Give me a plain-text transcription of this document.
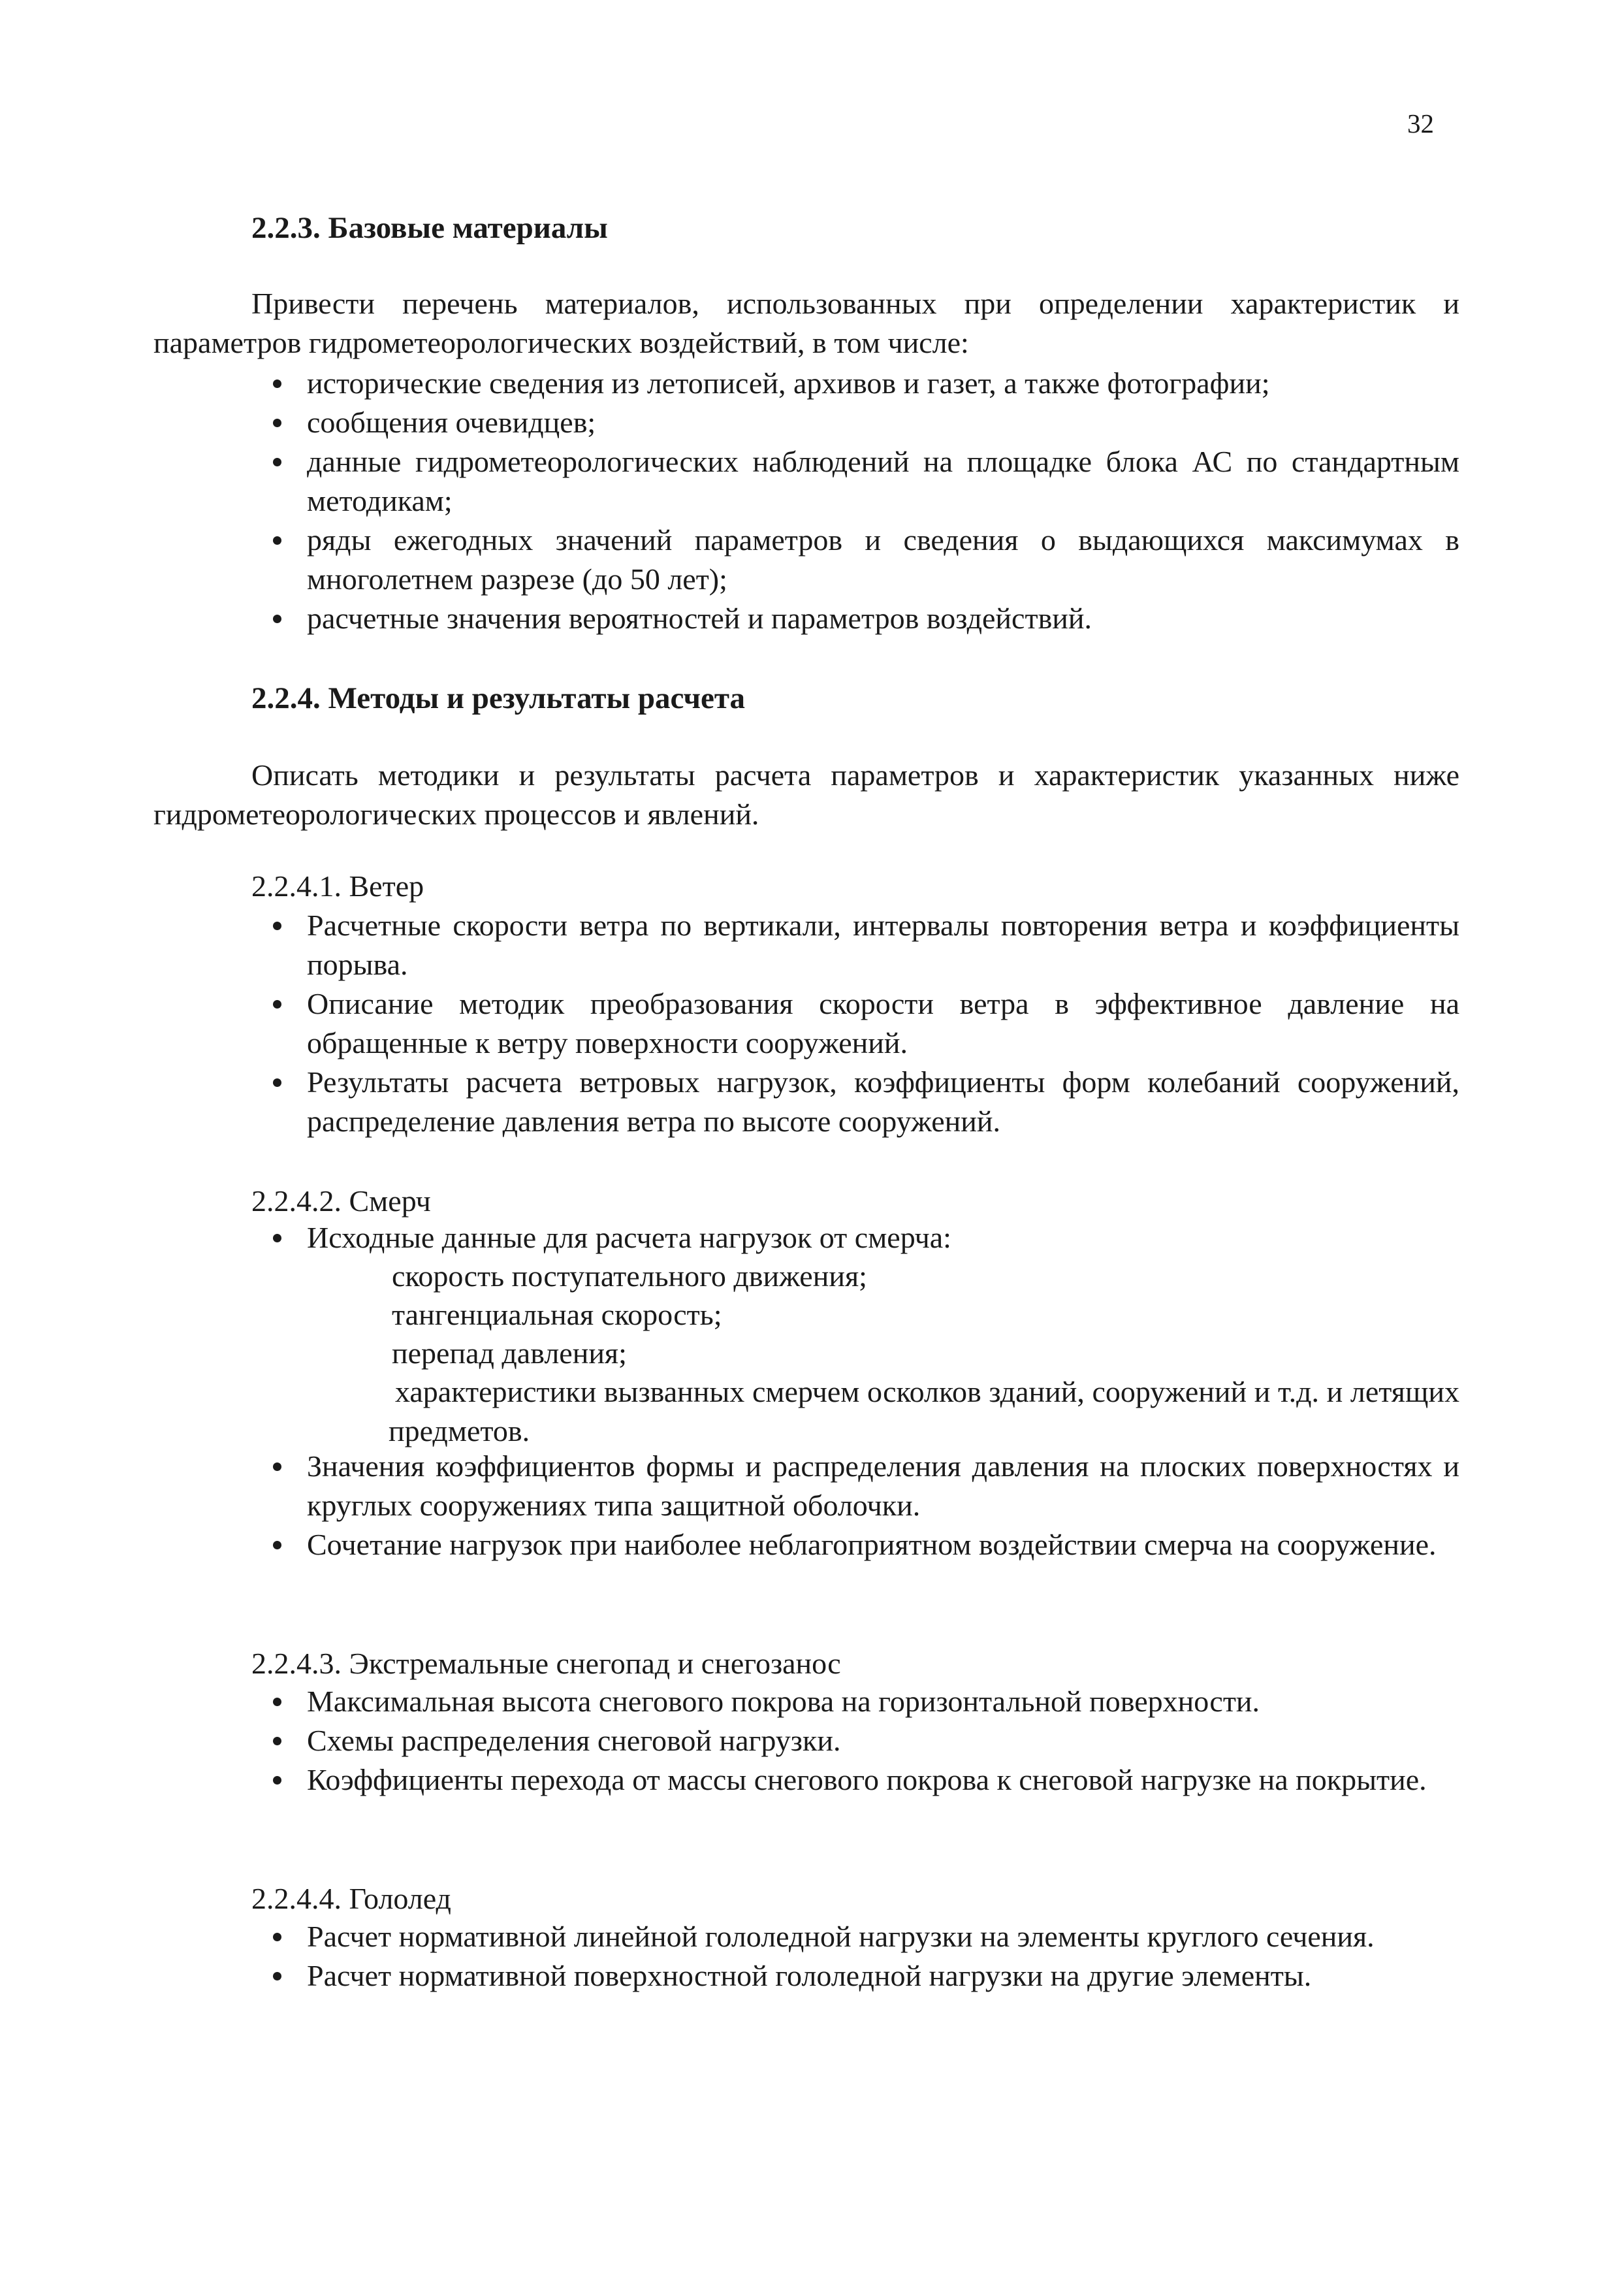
32
2.2.3. Базовые материалы
Привести перечень материалов, использованных при определении характеристик и параметров гидрометеорологических воздействий, в том числе:
исторические сведения из летописей, архивов и газет, а также фотографии;
сообщения очевидцев;
данные гидрометеорологических наблюдений на площадке блока АС по стандартным методикам;
ряды ежегодных значений параметров и сведения о выдающихся максимумах в многолетнем разрезе (до 50 лет);
расчетные значения вероятностей и параметров воздействий.
2.2.4. Методы и результаты расчета
Описать методики и результаты расчета параметров и характеристик указанных ниже гидрометеорологических процессов и явлений.
2.2.4.1. Ветер
Расчетные скорости ветра по вертикали, интервалы повторения ветра и коэффициенты порыва.
Описание методик преобразования скорости ветра в эффективное давление на обращенные к ветру поверхности сооружений.
Результаты расчета ветровых нагрузок, коэффициенты форм колебаний сооружений, распределение давления ветра по высоте сооружений.
2.2.4.2. Смерч
Исходные данные для расчета нагрузок от смерча:
скорость поступательного движения;
тангенциальная скорость;
перепад давления;
характеристики вызванных смерчем осколков зданий, сооружений и т.д. и летящих предметов.
Значения коэффициентов формы и распределения давления на плоских поверхностях и круглых сооружениях типа защитной оболочки.
Сочетание нагрузок при наиболее неблагоприятном воздействии смерча на сооружение.
2.2.4.3. Экстремальные снегопад и снегозанос
Максимальная высота снегового покрова на горизонтальной поверхности.
Схемы распределения снеговой нагрузки.
Коэффициенты перехода от массы снегового покрова к снеговой нагрузке на покрытие.
2.2.4.4. Гололед
Расчет нормативной линейной гололедной нагрузки на элементы круглого сечения.
Расчет нормативной поверхностной гололедной нагрузки на другие элементы.
